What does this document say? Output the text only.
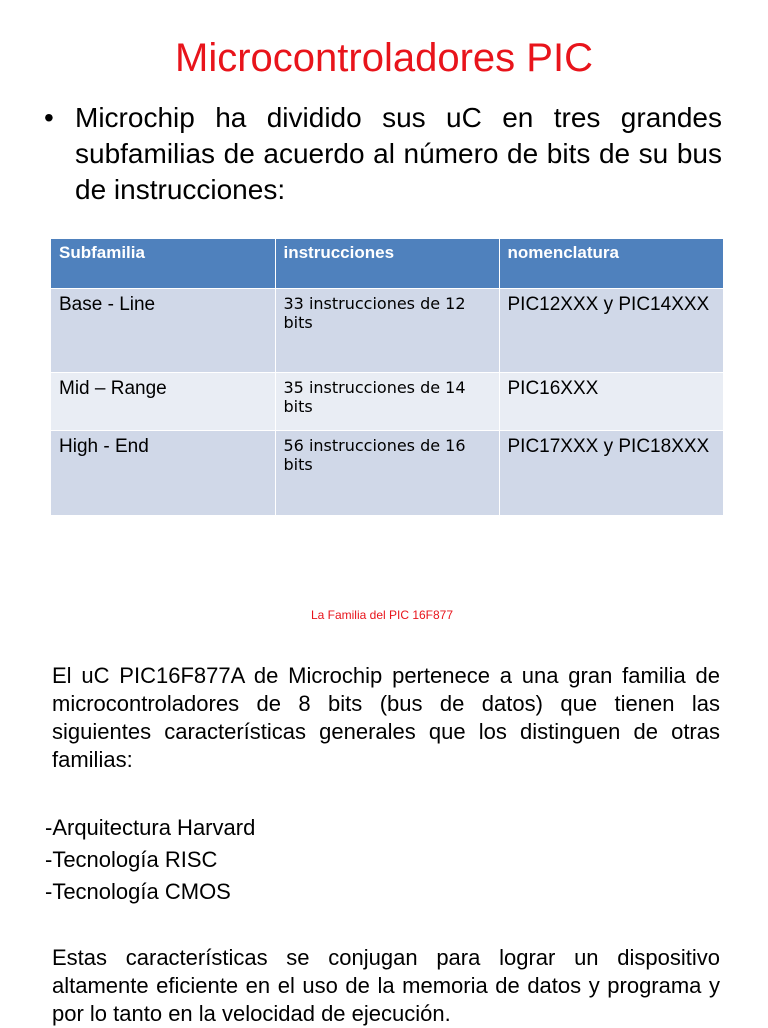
Microcontroladores PIC
• Microchip ha dividido sus uC en tres grandes subfamilias de acuerdo al número de bits de su bus de instrucciones:
Subfamilia	instrucciones	nomenclatura
Base - Line	33 instrucciones de 12 bits	PIC12XXX y PIC14XXX
Mid – Range	35 instrucciones de 14 bits	PIC16XXX
High - End	56 instrucciones de 16 bits	PIC17XXX y PIC18XXX
La Familia del PIC 16F877

El uC PIC16F877A de Microchip pertenece a una gran familia de microcontroladores de 8 bits (bus de datos) que tienen las siguientes características generales que los distinguen de otras familias:

-Arquitectura Harvard
-Tecnología RISC
-Tecnología CMOS

Estas características se conjugan para lograr un dispositivo altamente eficiente en el uso de la memoria de datos y programa y por lo tanto en la velocidad de ejecución.
